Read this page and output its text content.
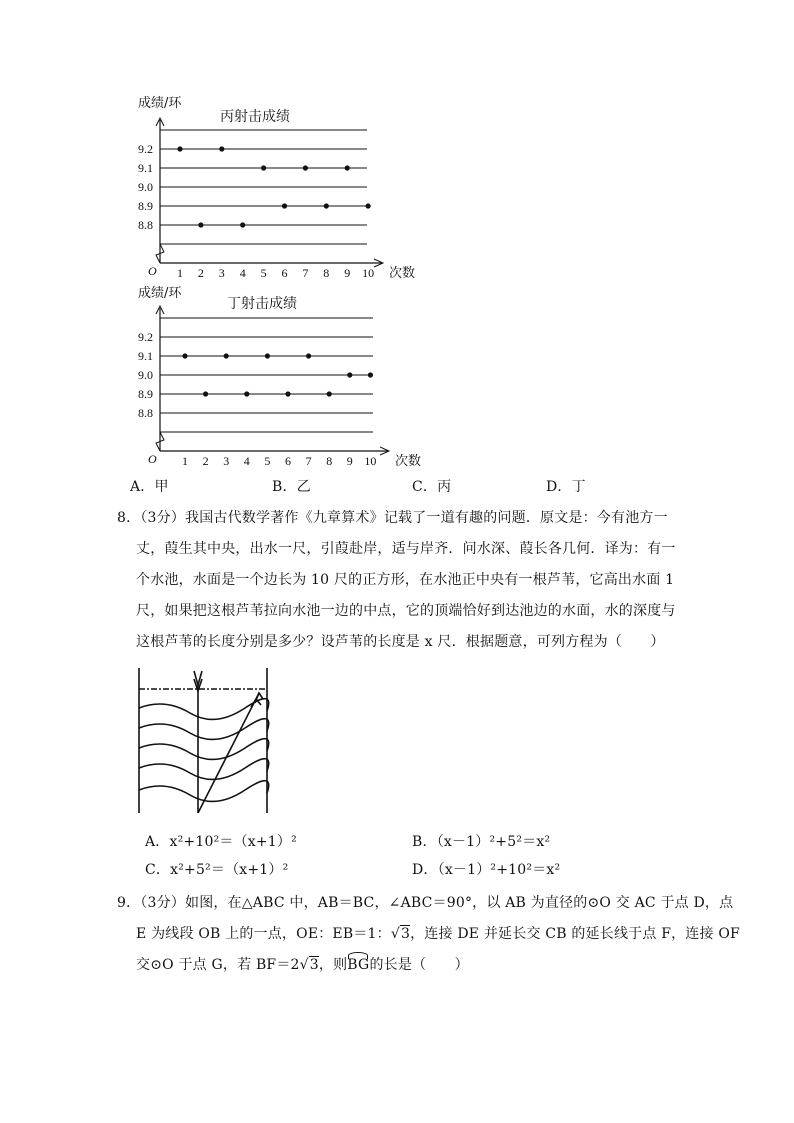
成绩/环
丙射击成绩
O	次数
9.2
9.1
9.0
8.9
8.8
1 2 3 4 5 6 7 8 9 10
成绩/环
丁射击成绩
O	次数
9.2
9.1
9.0
8.9
8.8
1 2 3 4 5 6 7 8 9 10
A．甲	B．乙	C．丙	D．丁
8．（3分）我国古代数学著作《九章算术》记载了一道有趣的问题．原文是：今有池方一
丈，葭生其中央，出水一尺，引葭赴岸，适与岸齐．问水深、葭长各几何．译为：有一
个水池，水面是一个边长为 10 尺的正方形，在水池正中央有一根芦苇，它高出水面 1
尺，如果把这根芦苇拉向水池一边的中点，它的顶端恰好到达池边的水面，水的深度与
这根芦苇的长度分别是多少？设芦苇的长度是 x 尺．根据题意，可列方程为（　　）
A．x²+10²＝（x+1）²	B．（x－1）²+5²＝x²
C．x²+5²＝（x+1）²	D．（x－1）²+10²＝x²
9．（3分）如图，在△ABC 中，AB＝BC，∠ABC＝90°，以 AB 为直径的⊙O 交 AC 于点 D，点
E 为线段 OB 上的一点，OE：EB＝1：√3，连接 DE 并延长交 CB 的延长线于点 F，连接 OF
交⊙O 于点 G，若 BF＝2√3，则BG的长是（　　）
